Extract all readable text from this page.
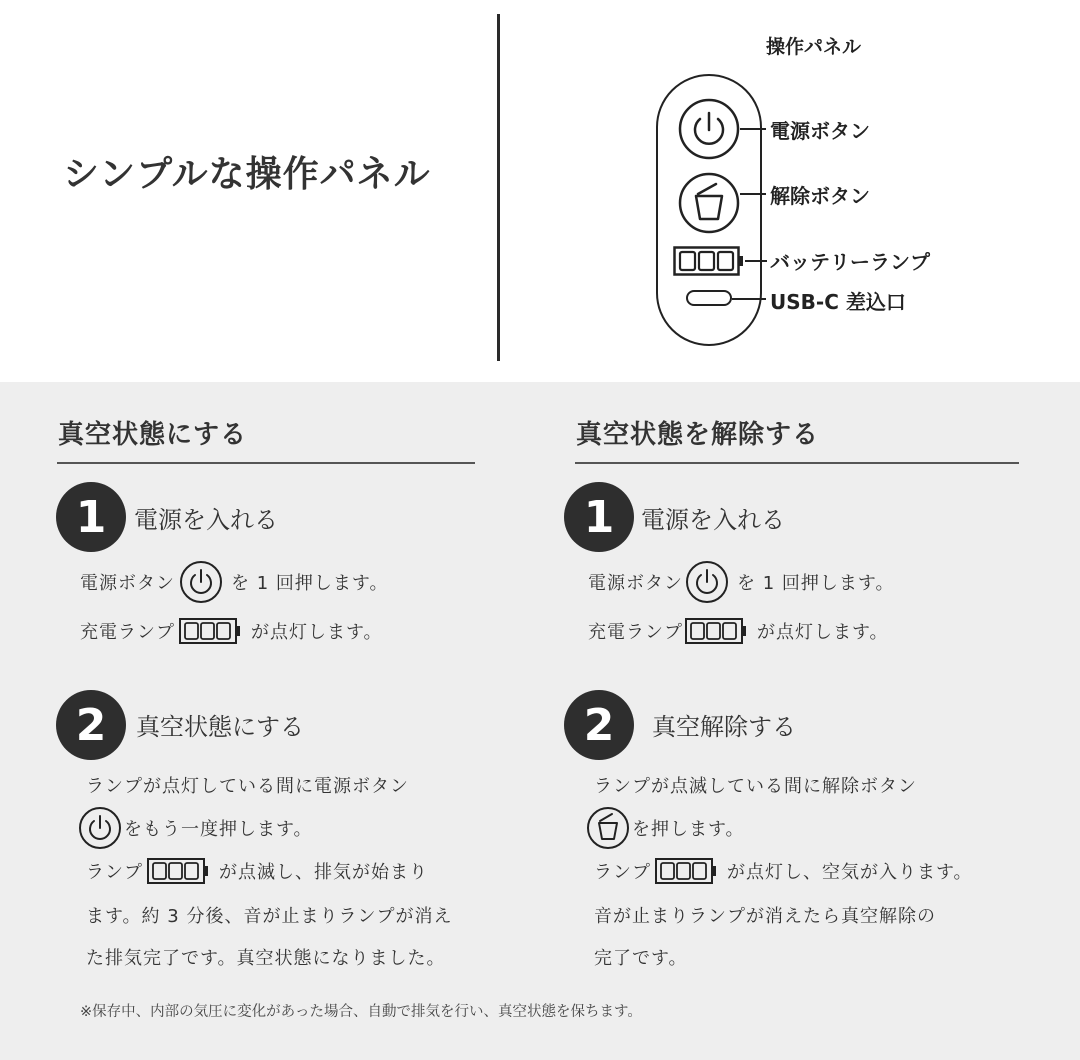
シンプルな操作パネル
操作パネル
電源ボタン
解除ボタン
バッテリーランプ
USB-C 差込口
真空状態にする
1	電源を入れる
電源ボタン	を 1 回押します。
充電ランプ	が点灯します。
2	真空状態にする
ランプが点灯している間に電源ボタン
をもう一度押します。
ランプ	が点滅し、排気が始まり
ます。約 3 分後、音が止まりランプが消え
た排気完了です。真空状態になりました。
真空状態を解除する
1	電源を入れる
電源ボタン	を 1 回押します。
充電ランプ	が点灯します。
2	真空解除する
ランプが点滅している間に解除ボタン
を押します。
ランプ	が点灯し、空気が入ります。
音が止まりランプが消えたら真空解除の
完了です。
※保存中、内部の気圧に変化があった場合、自動で排気を行い、真空状態を保ちます。
